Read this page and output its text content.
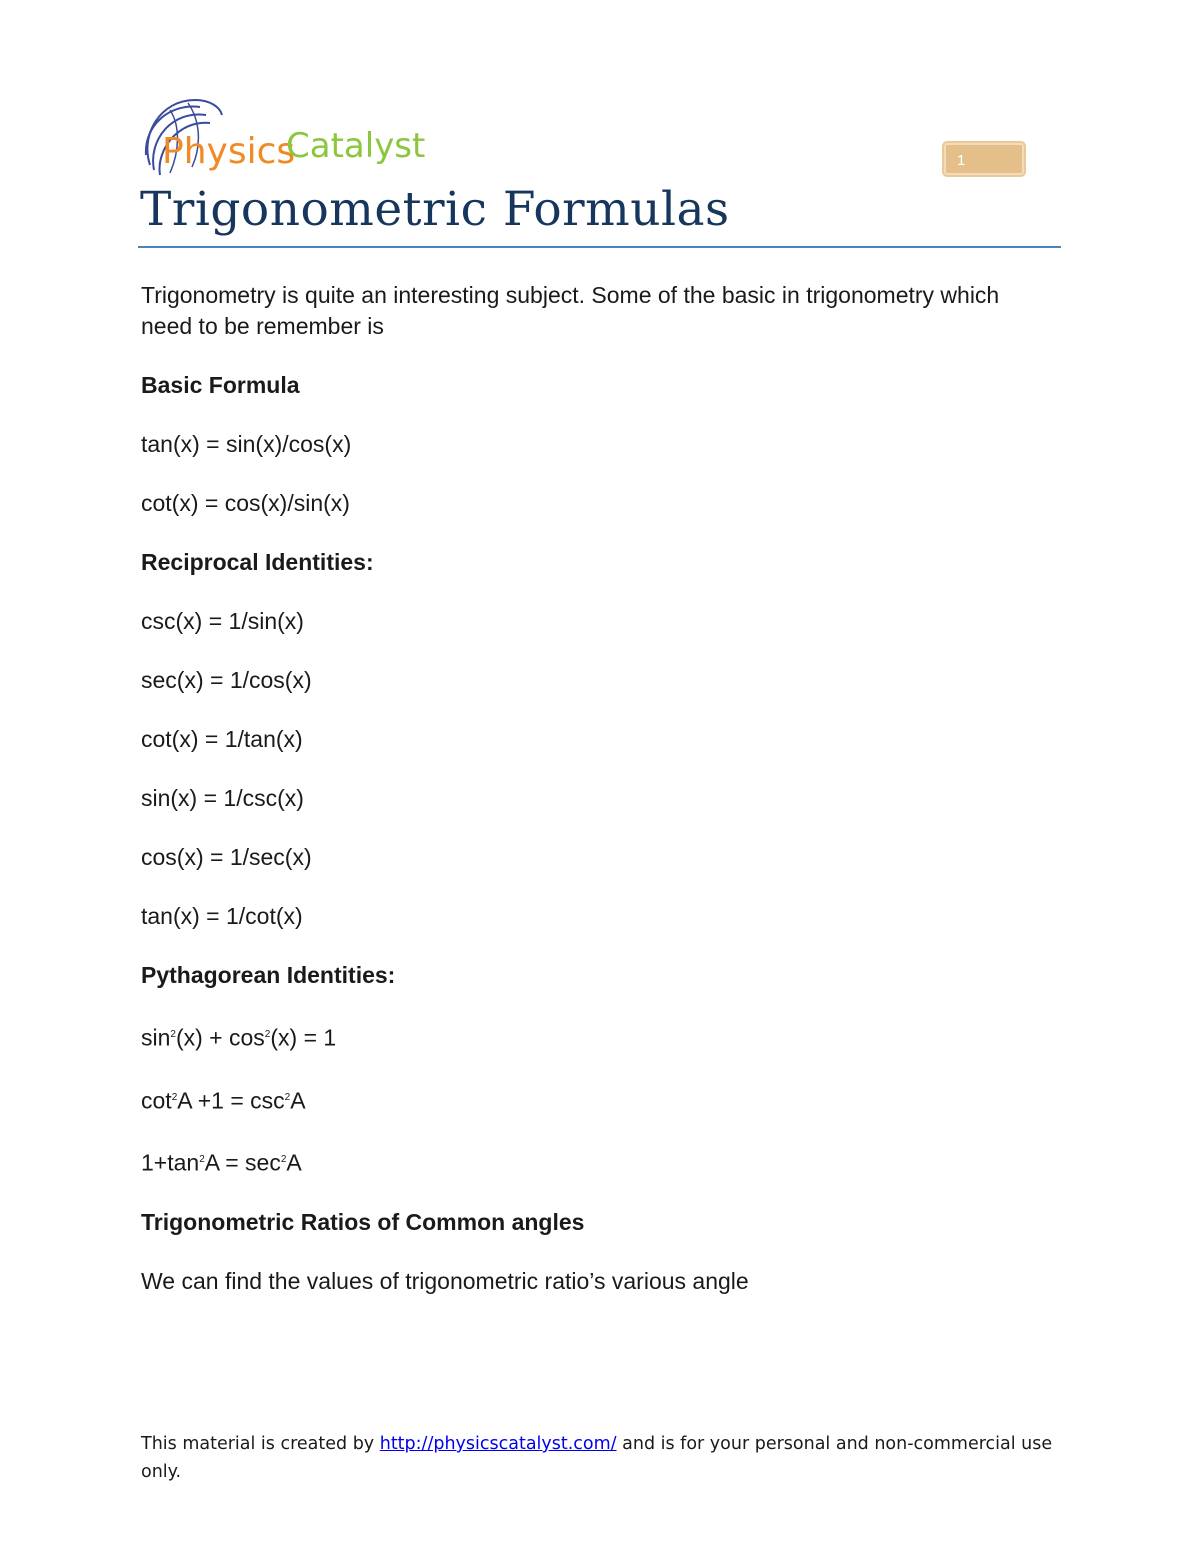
Physics
Catalyst	1
Trigonometric Formulas

Trigonometry is quite an interesting subject. Some of the basic in trigonometry which need to be remember is

Basic Formula

tan(x) = sin(x)/cos(x)

cot(x) = cos(x)/sin(x)

Reciprocal Identities:

csc(x) = 1/sin(x)

sec(x) = 1/cos(x)

cot(x) = 1/tan(x)

sin(x) = 1/csc(x)

cos(x) = 1/sec(x)

tan(x) = 1/cot(x)

Pythagorean Identities:

$\sin^2(x) + \cos^2(x) = 1$

$\cot^2A +1 = \csc^2A$

$1+\tan^2A = \sec^2A$

Trigonometric Ratios of Common angles

We can find the values of trigonometric ratio’s various angle

This material is created by http://physicscatalyst.com/ and is for your personal and non-commercial use only.
